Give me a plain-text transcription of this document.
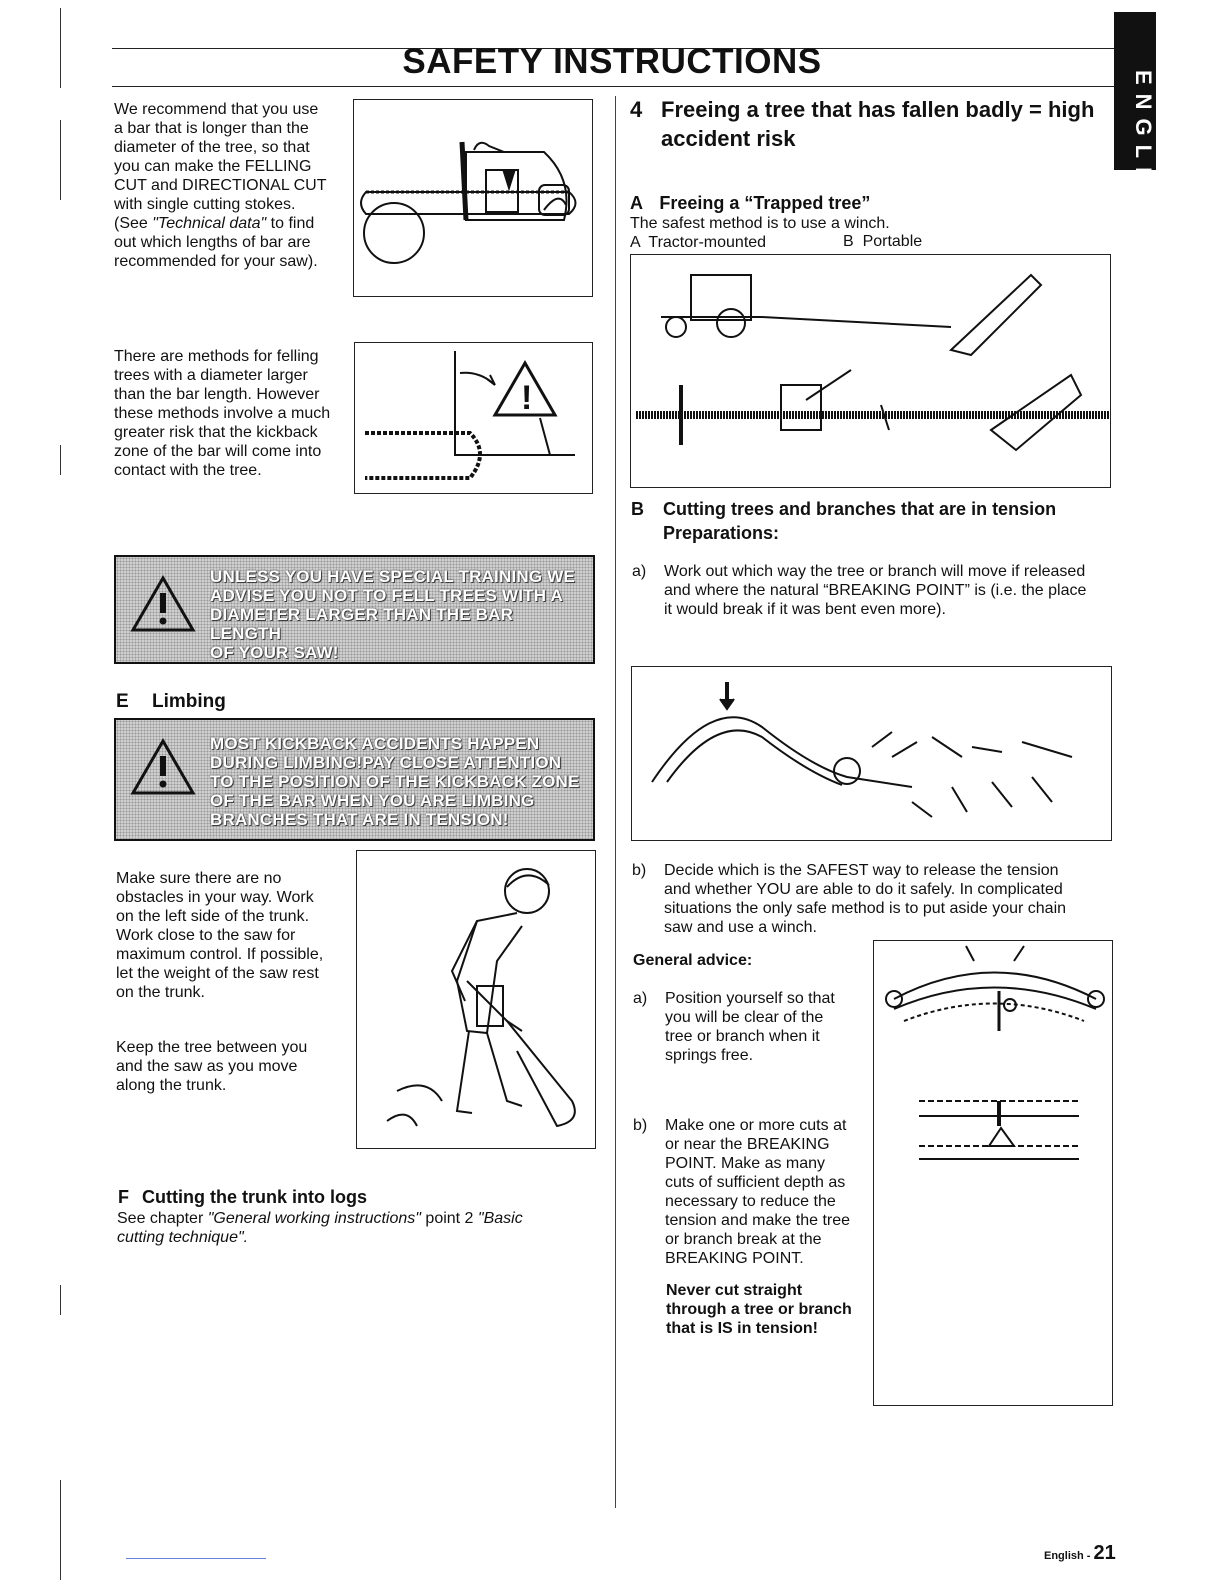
SAFETY INSTRUCTIONS
ENGLISH
We recommend that you use
a bar that is longer than the
diameter of the tree, so that
you can make the FELLING
CUT and DIRECTIONAL CUT
with single cutting stokes.
(See "Technical data" to find
out which lengths of bar are
recommended for your saw).
There are methods for felling
trees with a diameter larger
than the bar length. However
these methods involve a much
greater risk that the kickback
zone of the bar will come into
contact with the tree.
!
UNLESS YOU HAVE SPECIAL TRAINING WE
ADVISE YOU NOT TO FELL TREES WITH A
DIAMETER LARGER THAN THE BAR LENGTH
OF YOUR SAW!
E Limbing
MOST KICKBACK ACCIDENTS HAPPEN
DURING LIMBING!PAY CLOSE ATTENTION
TO THE POSITION OF THE KICKBACK ZONE
OF THE BAR WHEN YOU ARE LIMBING
BRANCHES THAT ARE IN TENSION!
Make sure there are no
obstacles in your way. Work
on the left side of the trunk.
Work close to the saw for
maximum control. If possible,
let the weight of the saw rest
on the trunk.
Keep the tree between you
and the saw as you move
along the trunk.
F Cutting the trunk into logs
See chapter "General working instructions" point 2 "Basic
cutting technique".
4 Freeing a tree that has fallen badly = high
accident risk
A Freeing a “Trapped tree”
The safest method is to use a winch.
A  Tractor-mounted	B  Portable
B Cutting trees and branches that are in tension
Preparations:
a) Work out which way the tree or branch will move if released
and where the natural “BREAKING POINT” is (i.e. the place
it would break if it was bent even more).
b) Decide which is the SAFEST way to release the tension
and whether YOU are able to do it safely. In complicated
situations the only safe method is to put aside your chain
saw and use a winch.
General advice:
a) Position yourself so that
you will be clear of the
tree or branch when it
springs free.
b) Make one or more cuts at
or near the BREAKING
POINT. Make as many
cuts of sufficient depth as
necessary to reduce the
tension and make the tree
or branch break at the
BREAKING POINT.
Never cut straight
through a tree or branch
that is IS in tension!
English - 21
